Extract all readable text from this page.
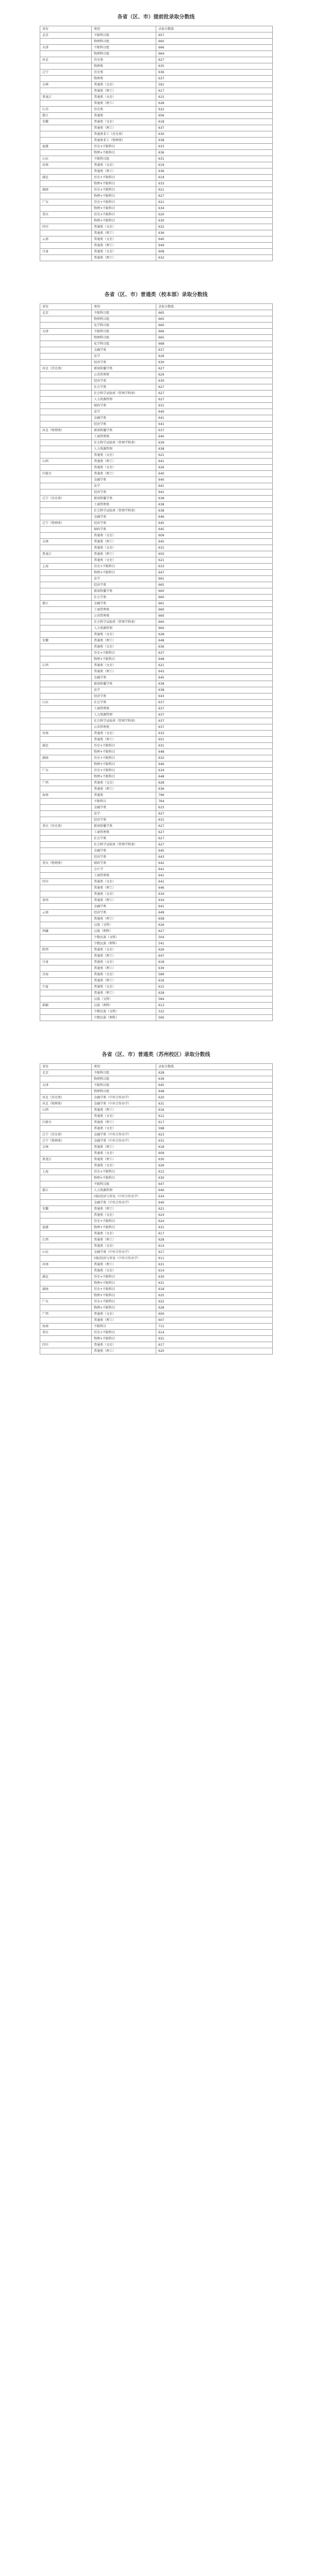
各省（区、市）提前批录取分数线
省份	类别	录取分数线
北京	不限科目组	657
	物理科目组	660
天津	不限科目组	666
	物理科目组	664
河北	历史类	627
	物理类	635
辽宁	历史类	636
	物理类	637
吉林	普通类（文史）	591
	普通类（理工）	617
黑龙江	普通类（文史）	615
	普通类（理工）	628
江苏	历史类	622
浙江	普通类	656
安徽	普通类（文史）	618
	普通类（理工）	637
	普通类非工（历史类）	630
	普通类非工（物理类）	638
福建	历史+不限科目	633
	物理+不限科目	636
山东	不限科目组	631
河南	普通类（文史）	619
	普通类（理工）	636
湖北	历史+不限科目	619
	物理+不限科目	633
湖南	历史+不限科目	621
	物理+不限科目	627
广东	历史+不限科目	621
	物理+不限科目	634
重庆	历史+不限科目	620
	物理+不限科目	630
四川	普通类（文史）	632
	普通类（理工）	636
云南	普通类（文史）	640
	普通类（理工）	649
甘肃	普通类（文史）	608
	普通类（理工）	632
各省（区、市）普通类（校本部）录取分数线
省份	类别	录取分数线
北京	不限科目组	665
	物理科目组	665
	化学科目组	660
天津	不限科目组	666
	物理科目组	665
	化学科目组	668
	金融学类	637
	法学	626
	经济学类	630
河北（历史类）	新闻传播学类	627
	公共管理类	629
	经济学类	630
	社会学类	627
	社会科学试验班（管理学科类）	627
	人力资源管理	627
	财政学类	631
	法学	640
	金融学类	641
	经济学类	641
河北（物理类）	新闻传播学类	637
	工商管理类	640
	社会科学试验班（管理学科类）	639
	人力资源管理	638
	普通类（文史）	621
山西	普通类（理工）	641
	普通类（文史）	626
内蒙古	普通类（理工）	640
	金融学类	640
	法学	641
	经济学类	641
辽宁（历史类）	新闻传播学类	638
	工商管理类	638
	社会科学试验班（管理学科类）	638
	金融学类	646
辽宁（物理类）	经济学类	645
	财政学类	645
	普通类（文史）	609
吉林	普通类（理工）	645
	普通类（文史）	631
黑龙江	普通类（理工）	650
	普通类（文史）	621
上海	历史+不限科目	633
	物理+不限科目	647
	法学	661
	经济学类	665
	新闻传播学类	660
	社会学类	660
浙江	金融学类	661
	工商管理类	660
	公共管理类	660
	社会科学试验班（管理学科类）	660
	人力资源管理	660
	普通类（文史）	628
安徽	普通类（理工）	648
	普通类（文史）	636
	历史+不限科目	637
	物理+不限科目	648
江西	普通类（文史）	621
	普通类（理工）	643
	金融学类	645
	新闻传播学类	638
	法学	638
	经济学类	643
山东	社会学类	637
	工商管理类	637
	人力资源管理	637
	社会科学试验班（管理学科类）	637
	公共管理类	637
河南	普通类（文史）	633
	普通类（理工）	651
湖北	历史+不限科目	631
	物理+不限科目	648
湖南	历史+不限科目	632
	物理+不限科目	646
广东	历史+不限科目	634
	物理+不限科目	648
广西	普通类（文史）	628
	普通类（理工）	636
海南	普通类	796
	不限科目	764
	金融学类	633
	法学	627
	经济学类	631
重庆（历史类）	新闻传播学类	627
	工商管理类	627
	社会学类	627
	社会科学试验班（管理学科类）	627
	金融学类	645
	经济学类	643
重庆（物理类）	财政学类	642
	会计学	641
	工商管理类	641
四川	普通类（文史）	641
	普通类（理工）	646
	普通类（文史）	634
贵州	普通类（理工）	634
	金融学类	641
云南	经济学类	649
	普通类（理工）	658
	汉族（文科）	626
西藏	汉族（理科）	627
	少数民族（文科）	504
	少数民族（理科）	541
陕西	普通类（文史）	626
	普通类（理工）	647
甘肃	普通类（文史）	618
	普通类（理工）	639
青海	普通类（文史）	589
	普通类（理工）	616
宁夏	普通类（文史）	615
	普通类（理工）	628
	汉族（文科）	584
新疆	汉族（理科）	613
	少数民族（文科）	522
	少数民族（理科）	560
各省（区、市）普通类（苏州校区）录取分数线
省份	类别	录取分数线
北京	不限科目组	628
	物理科目组	639
天津	不限科目组	645
	物理科目组	648
河北（历史类）	金融学类（中外合作办学）	620
河北（物理类）	金融学类（中外合作办学）	631
山西	普通类（理工）	616
	普通类（文史）	612
内蒙古	普通类（理工）	617
	普通类（文史）	598
辽宁（历史类）	金融学类（中外合作办学）	623
辽宁（物理类）	金融学类（中外合作办学）	631
吉林	普通类（理工）	618
	普通类（文史）	609
黑龙江	普通类（理工）	630
	普通类（文史）	626
上海	历史+不限科目	612
	物理+不限科目	630
	不限科目组	647
浙江	人力资源管理	640
	国际经济与贸易（中外合作办学）	634
	金融学类（中外合作办学）	640
安徽	普通类（理工）	621
	普通类（文史）	624
	历史+不限科目	624
福建	物理+不限科目	631
	普通类（文史）	617
江西	普通类（理工）	628
	普通类（文史）	614
山东	金融学类（中外合作办学）	617
	国际经济与贸易（中外合作办学）	611
河南	普通类（理工）	631
	普通类（文史）	614
湖北	历史+不限科目	630
	物理+不限科目	631
湖南	历史+不限科目	618
	物理+不限科目	625
广东	历史+不限科目	622
	物理+不限科目	628
广西	普通类（文史）	600
	普通类（理工）	607
海南	不限科目	711
重庆	历史+不限科目	614
	物理+不限科目	631
四川	普通类（文史）	617
	普通类（理工）	620
